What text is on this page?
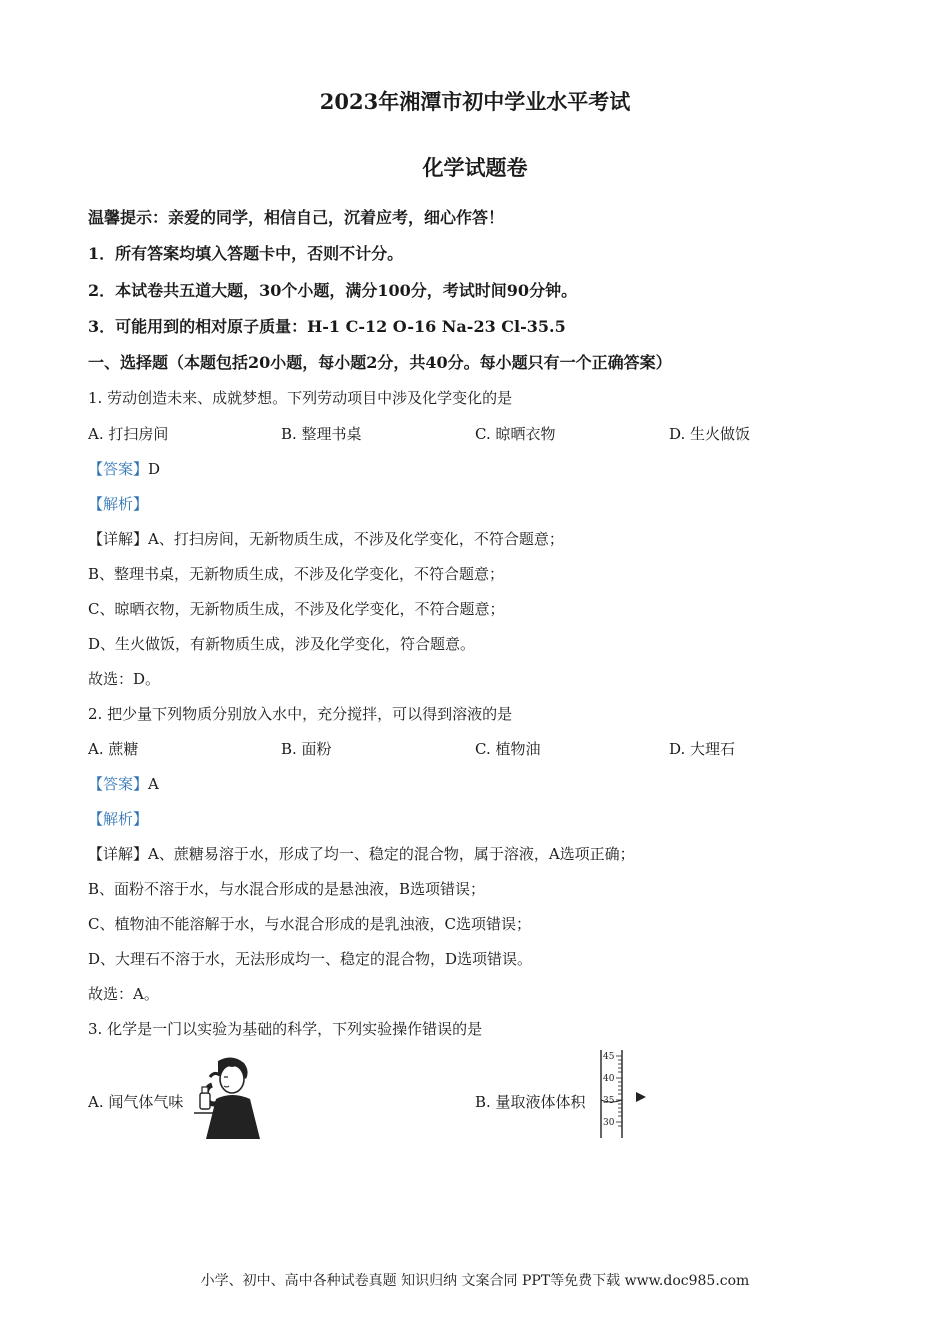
2023年湘潭市初中学业水平考试
化学试题卷
温馨提示：亲爱的同学，相信自己，沉着应考，细心作答！
1．所有答案均填入答题卡中，否则不计分。
2．本试卷共五道大题，30个小题，满分100分，考试时间90分钟。
3．可能用到的相对原子质量：H-1 C-12 O-16 Na-23 Cl-35.5
一、选择题（本题包括20小题，每小题2分，共40分。每小题只有一个正确答案）
1. 劳动创造未来、成就梦想。下列劳动项目中涉及化学变化的是
A. 打扫房间	B. 整理书桌	C. 晾晒衣物	D. 生火做饭
【答案】D
【解析】
【详解】A、打扫房间，无新物质生成，不涉及化学变化，不符合题意；
B、整理书桌，无新物质生成，不涉及化学变化，不符合题意；
C、晾晒衣物，无新物质生成，不涉及化学变化，不符合题意；
D、生火做饭，有新物质生成，涉及化学变化，符合题意。
故选：D。
2. 把少量下列物质分别放入水中，充分搅拌，可以得到溶液的是
A. 蔗糖	B. 面粉	C. 植物油	D. 大理石
【答案】A
【解析】
【详解】A、蔗糖易溶于水，形成了均一、稳定的混合物，属于溶液，A选项正确；
B、面粉不溶于水，与水混合形成的是悬浊液，B选项错误；
C、植物油不能溶解于水，与水混合形成的是乳浊液，C选项错误；
D、大理石不溶于水，无法形成均一、稳定的混合物，D选项错误。
故选：A。
3. 化学是一门以实验为基础的科学，下列实验操作错误的是
A. 闻气体气味	B. 量取液体体积
45
40
35
30
小学、初中、高中各种试卷真题 知识归纳 文案合同 PPT等免费下载 www.doc985.com
